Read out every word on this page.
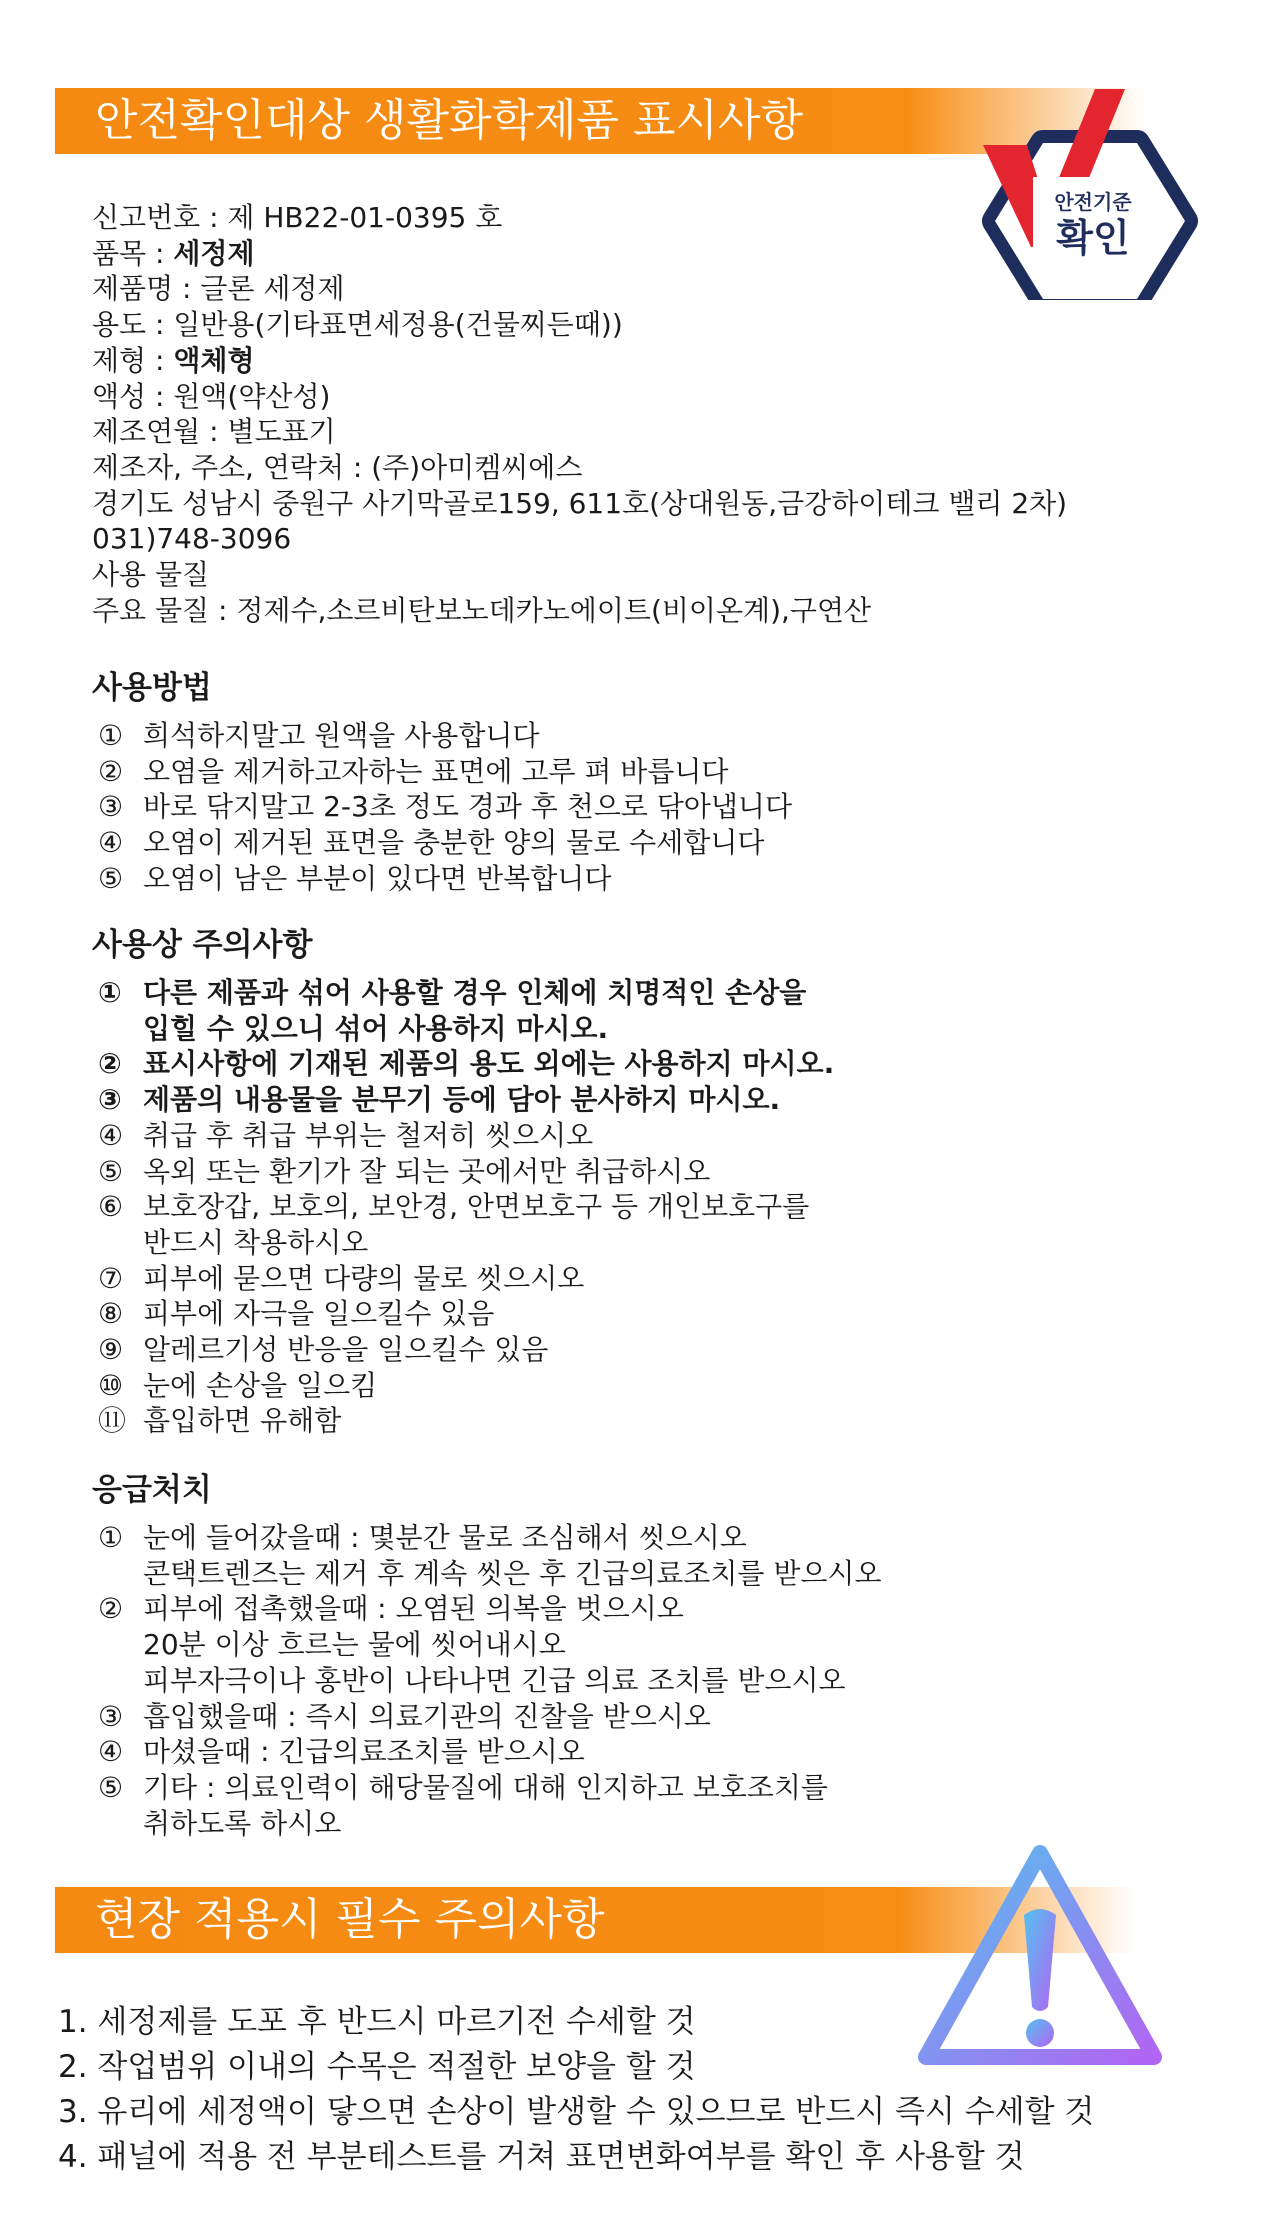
안전확인대상 생활화학제품 표시사항
안전기준
확인
신고번호 : 제 HB22-01-0395 호
품목 : 세정제
제품명 : 글론 세정제
용도 : 일반용(기타표면세정용(건물찌든때))
제형 : 액체형
액성 : 원액(약산성)
제조연월 : 별도표기
제조자, 주소, 연락처 : (주)아미켐씨에스
경기도 성남시 중원구 사기막골로159, 611호(상대원동,금강하이테크 밸리 2차)
031)748-3096
사용 물질
주요 물질 : 정제수,소르비탄보노데카노에이트(비이온계),구연산
사용방법
① 희석하지말고 원액을 사용합니다
② 오염을 제거하고자하는 표면에 고루 펴 바릅니다
③ 바로 닦지말고 2-3초 정도 경과 후 천으로 닦아냅니다
④ 오염이 제거된 표면을 충분한 양의 물로 수세합니다
⑤ 오염이 남은 부분이 있다면 반복합니다
사용상 주의사항
① 다른 제품과 섞어 사용할 경우 인체에 치명적인 손상을
입힐 수 있으니 섞어 사용하지 마시오.
② 표시사항에 기재된 제품의 용도 외에는 사용하지 마시오.
③ 제품의 내용물을 분무기 등에 담아 분사하지 마시오.
④ 취급 후 취급 부위는 철저히 씻으시오
⑤ 옥외 또는 환기가 잘 되는 곳에서만 취급하시오
⑥ 보호장갑, 보호의, 보안경, 안면보호구 등 개인보호구를
반드시 착용하시오
⑦ 피부에 묻으면 다량의 물로 씻으시오
⑧ 피부에 자극을 일으킬수 있음
⑨ 알레르기성 반응을 일으킬수 있음
⑩ 눈에 손상을 일으킴
⑪ 흡입하면 유해함
응급처치
① 눈에 들어갔을때 : 몇분간 물로 조심해서 씻으시오
콘택트렌즈는 제거 후 계속 씻은 후 긴급의료조치를 받으시오
② 피부에 접촉했을때 : 오염된 의복을 벗으시오
20분 이상 흐르는 물에 씻어내시오
피부자극이나 홍반이 나타나면 긴급 의료 조치를 받으시오
③ 흡입했을때 : 즉시 의료기관의 진찰을 받으시오
④ 마셨을때 : 긴급의료조치를 받으시오
⑤ 기타 : 의료인력이 해당물질에 대해 인지하고 보호조치를
취하도록 하시오
현장 적용시 필수 주의사항
1. 세정제를 도포 후 반드시 마르기전 수세할 것
2. 작업범위 이내의 수목은 적절한 보양을 할 것
3. 유리에 세정액이 닿으면 손상이 발생할 수 있으므로 반드시 즉시 수세할 것
4. 패널에 적용 전 부분테스트를 거쳐 표면변화여부를 확인 후 사용할 것
